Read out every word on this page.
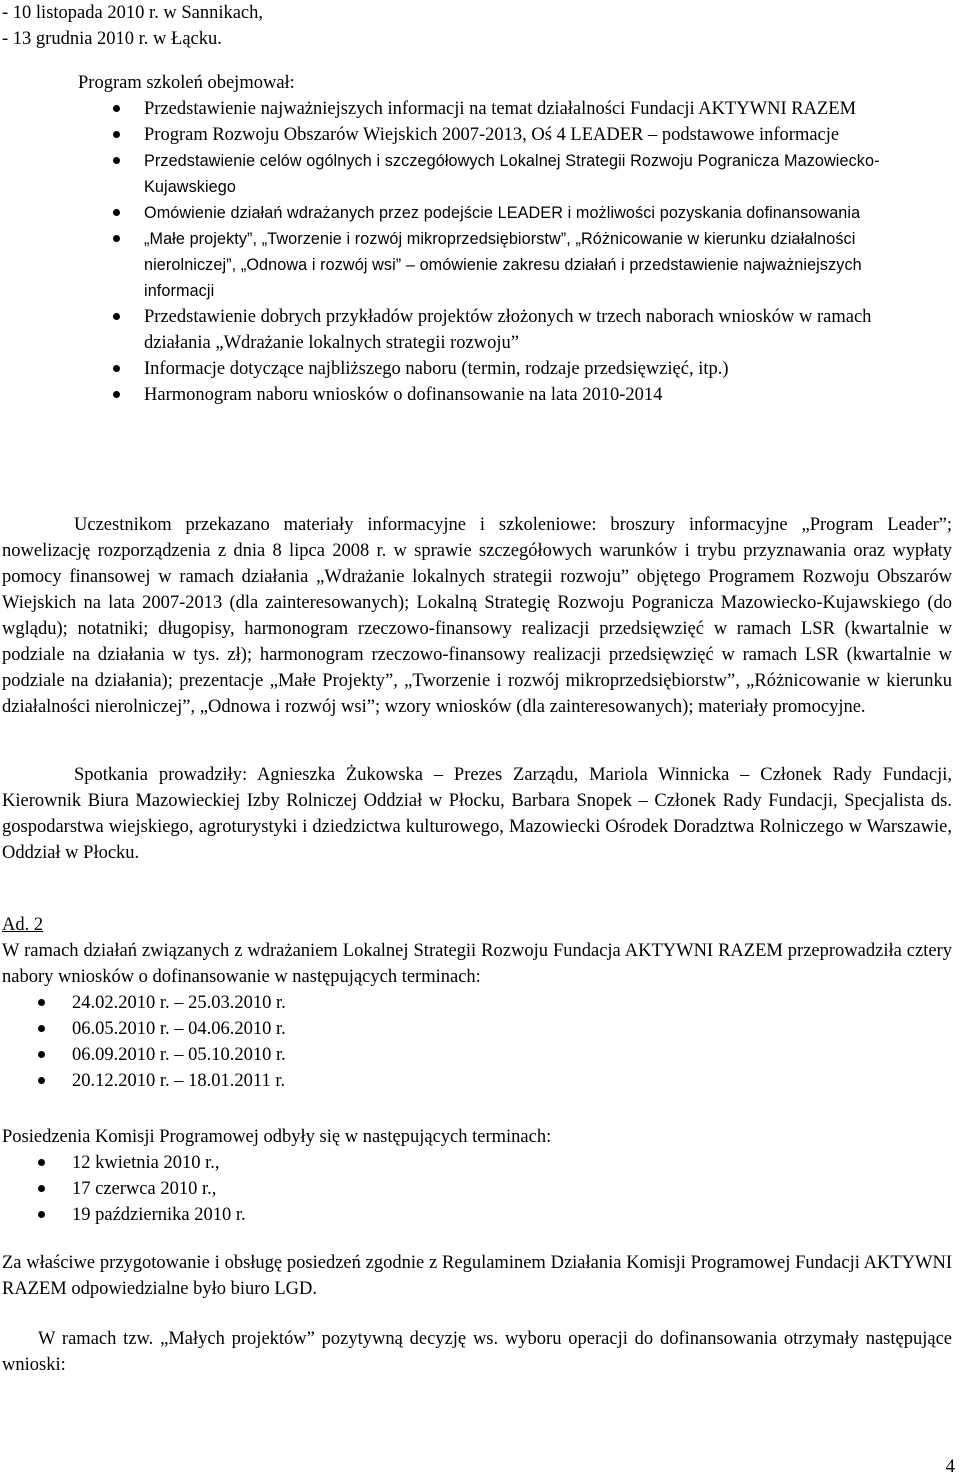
- 10 listopada 2010 r. w Sannikach,

- 13 grudnia 2010 r. w Łącku.

Program szkoleń obejmował:

Przedstawienie najważniejszych informacji na temat działalności Fundacji AKTYWNI RAZEM
Program Rozwoju Obszarów Wiejskich 2007-2013, Oś 4 LEADER – podstawowe informacje
Przedstawienie celów ogólnych i szczegółowych Lokalnej Strategii Rozwoju Pogranicza Mazowiecko-Kujawskiego
Omówienie działań wdrażanych przez podejście LEADER i możliwości pozyskania dofinansowania
„Małe projekty”, „Tworzenie i rozwój mikroprzedsiębiorstw”, „Różnicowanie w kierunku działalności nierolniczej”, „Odnowa i rozwój wsi” – omówienie zakresu działań i przedstawienie najważniejszych informacji
Przedstawienie dobrych przykładów projektów złożonych w trzech naborach wniosków w ramach działania „Wdrażanie lokalnych strategii rozwoju”
Informacje dotyczące najbliższego naboru (termin, rodzaje przedsięwzięć, itp.)
Harmonogram naboru wniosków o dofinansowanie na lata 2010-2014

Uczestnikom przekazano materiały informacyjne i szkoleniowe: broszury informacyjne „Program Leader”; nowelizację rozporządzenia z dnia 8 lipca 2008 r. w sprawie szczegółowych warunków i trybu przyznawania oraz wypłaty pomocy finansowej w ramach działania „Wdrażanie lokalnych strategii rozwoju” objętego Programem Rozwoju Obszarów Wiejskich na lata 2007-2013 (dla zainteresowanych); Lokalną Strategię Rozwoju Pogranicza Mazowiecko-Kujawskiego (do wglądu); notatniki; długopisy, harmonogram rzeczowo-finansowy realizacji przedsięwzięć w ramach LSR (kwartalnie w podziale na działania w tys. zł); harmonogram rzeczowo-finansowy realizacji przedsięwzięć w ramach LSR (kwartalnie w podziale na działania); prezentacje „Małe Projekty”, „Tworzenie i rozwój mikroprzedsiębiorstw”, „Różnicowanie w kierunku działalności nierolniczej”, „Odnowa i rozwój wsi”; wzory wniosków (dla zainteresowanych); materiały promocyjne.

Spotkania prowadziły: Agnieszka Żukowska – Prezes Zarządu, Mariola Winnicka – Członek Rady Fundacji, Kierownik Biura Mazowieckiej Izby Rolniczej Oddział w Płocku, Barbara Snopek – Członek Rady Fundacji, Specjalista ds. gospodarstwa wiejskiego, agroturystyki i dziedzictwa kulturowego, Mazowiecki Ośrodek Doradztwa Rolniczego w Warszawie, Oddział w Płocku.

Ad. 2

W ramach działań związanych z wdrażaniem Lokalnej Strategii Rozwoju Fundacja AKTYWNI RAZEM przeprowadziła cztery nabory wniosków o dofinansowanie w następujących terminach:

24.02.2010 r. – 25.03.2010 r.
06.05.2010 r. – 04.06.2010 r.
06.09.2010 r. – 05.10.2010 r.
20.12.2010 r. – 18.01.2011 r.

Posiedzenia Komisji Programowej odbyły się w następujących terminach:

12 kwietnia 2010 r.,
17 czerwca 2010 r.,
19 października 2010 r.

Za właściwe przygotowanie i obsługę posiedzeń zgodnie z Regulaminem Działania Komisji Programowej Fundacji AKTYWNI RAZEM odpowiedzialne było biuro LGD.

W ramach tzw. „Małych projektów” pozytywną decyzję ws. wyboru operacji do dofinansowania otrzymały następujące wnioski:

4
